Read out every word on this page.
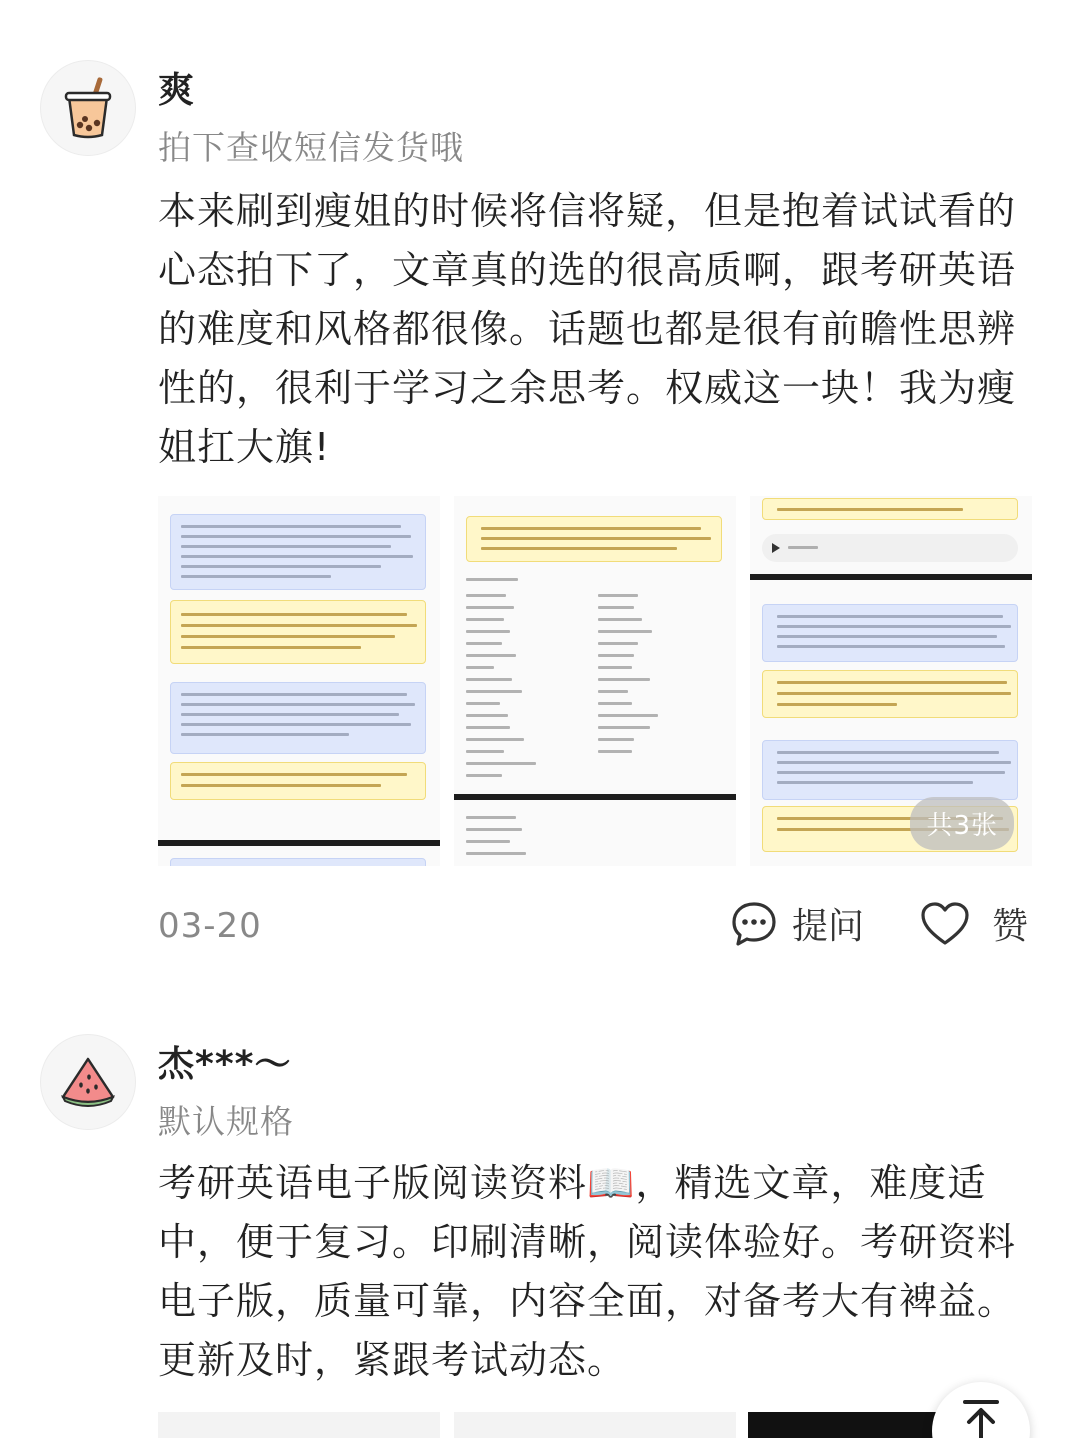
爽
拍下查收短信发货哦
本来刷到瘦姐的时候将信将疑，但是抱着试试看的心态拍下了，文章真的选的很高质啊，跟考研英语的难度和风格都很像。话题也都是很有前瞻性思辨性的，很利于学习之余思考。权威这一块！我为瘦姐扛大旗!
共3张
03-20	提问	赞
杰***～
默认规格
考研英语电子版阅读资料📖，精选文章，难度适中，便于复习。印刷清晰，阅读体验好。考研资料电子版，质量可靠，内容全面，对备考大有裨益。更新及时，紧跟考试动态。
